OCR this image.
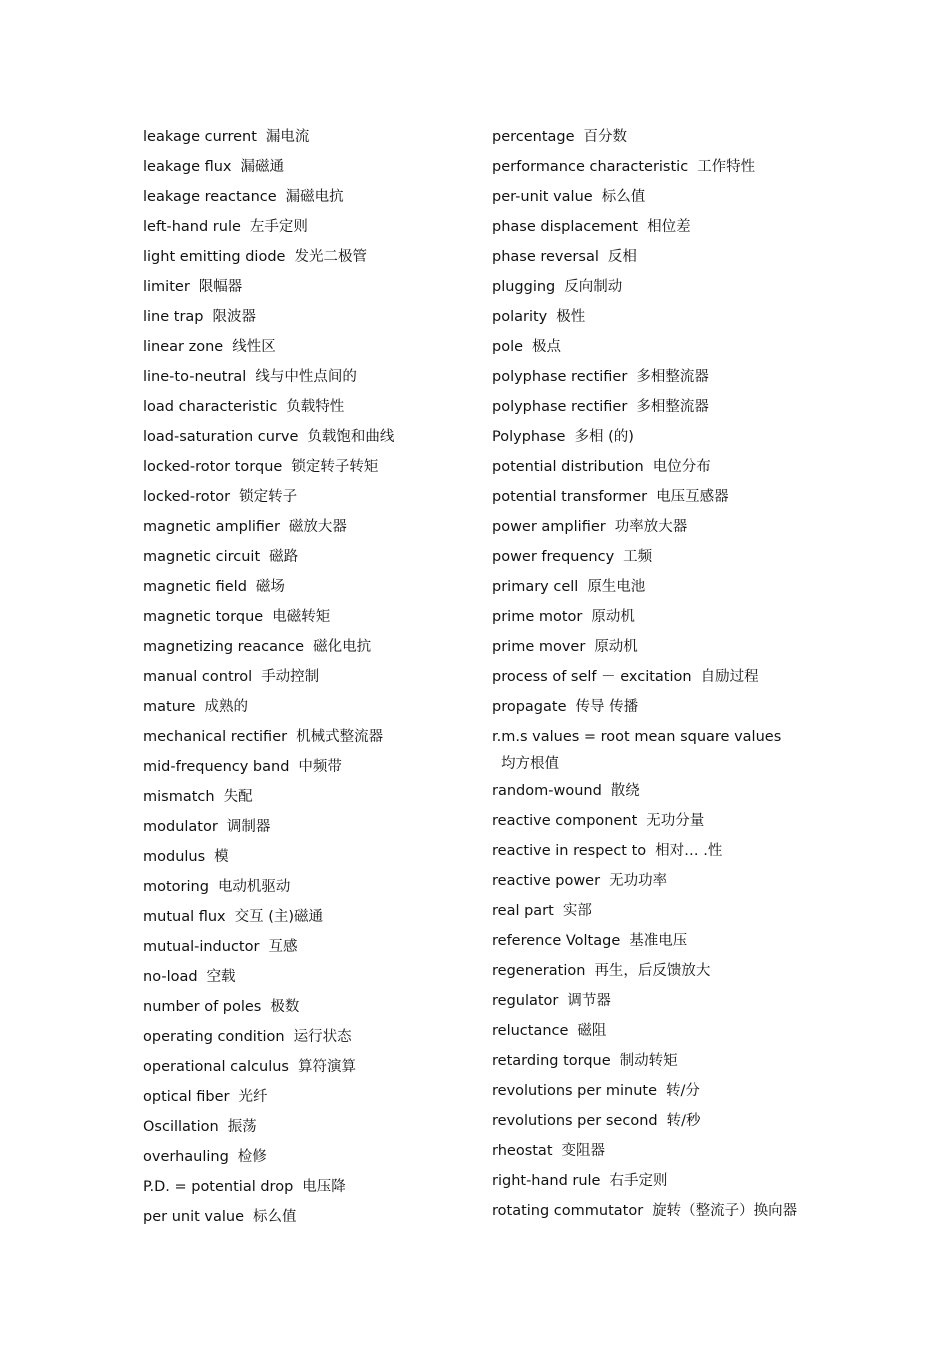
leakage current 漏电流

leakage flux 漏磁通

leakage reactance 漏磁电抗

left-hand rule 左手定则

light emitting diode 发光二极管

limiter 限幅器

line trap 限波器

linear zone 线性区

line-to-neutral 线与中性点间的

load characteristic 负载特性

load-saturation curve 负载饱和曲线

locked-rotor torque 锁定转子转矩

locked-rotor 锁定转子

magnetic amplifier 磁放大器

magnetic circuit 磁路

magnetic field 磁场

magnetic torque 电磁转矩

magnetizing reacance 磁化电抗

manual control 手动控制

mature 成熟的

mechanical rectifier 机械式整流器

mid-frequency band 中频带

mismatch 失配

modulator 调制器

modulus 模

motoring 电动机驱动

mutual flux 交互 (主)磁通

mutual-inductor 互感

no-load 空载

number of poles 极数

operating condition 运行状态

operational calculus 算符演算

optical fiber 光纤

Oscillation 振荡

overhauling 检修

P.D. = potential drop 电压降

per unit value 标么值

percentage 百分数

performance characteristic 工作特性

per-unit value 标么值

phase displacement 相位差

phase reversal 反相

plugging 反向制动

polarity 极性

pole 极点

polyphase rectifier 多相整流器

polyphase rectifier 多相整流器

Polyphase 多相 (的)

potential distribution 电位分布

potential transformer 电压互感器

power amplifier 功率放大器

power frequency 工频

primary cell 原生电池

prime motor 原动机

prime mover 原动机

process of self － excitation 自励过程

propagate 传导 传播

r.m.s values = root mean square values均方根值

random-wound 散绕

reactive component 无功分量

reactive in respect to 相对… .性

reactive power 无功功率

real part 实部

reference Voltage 基准电压

regeneration 再生，后反馈放大

regulator 调节器

reluctance 磁阻

retarding torque 制动转矩

revolutions per minute 转/分

revolutions per second 转/秒

rheostat 变阻器

right-hand rule 右手定则

rotating commutator 旋转（整流子）换向器
